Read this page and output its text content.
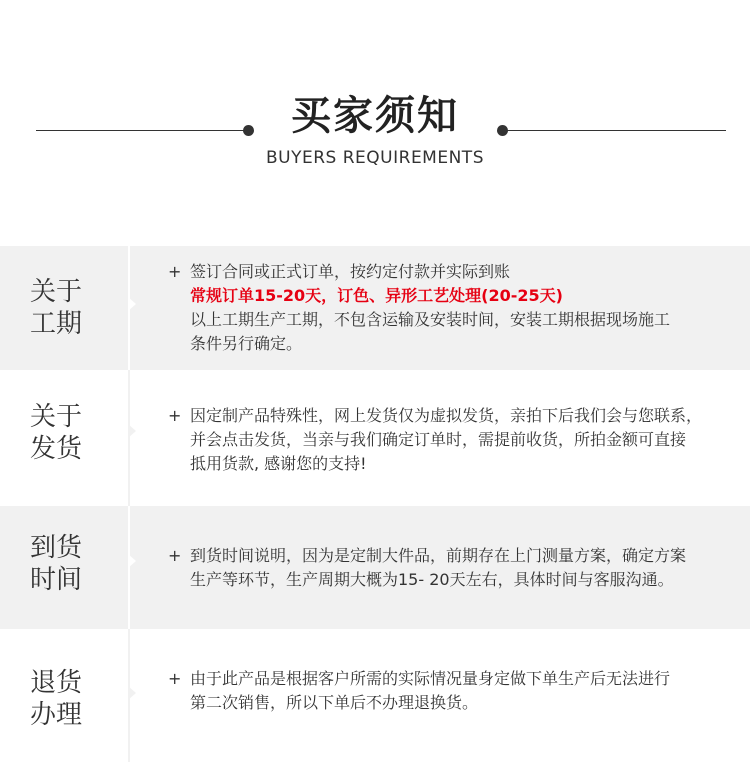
买家须知
BUYERS REQUIREMENTS
关于
工期
+ 签订合同或正式订单，按约定付款并实际到账
常规订单15-20天，订色、异形工艺处理(20-25天)
以上工期生产工期，不包含运输及安装时间，安装工期根据现场施工
条件另行确定。
关于
发货
+ 因定制产品特殊性，网上发货仅为虚拟发货，亲拍下后我们会与您联系，
并会点击发货，当亲与我们确定订单时，需提前收货，所拍金额可直接
抵用货款, 感谢您的支持!
到货
时间
+ 到货时间说明，因为是定制大件品，前期存在上门测量方案，确定方案
生产等环节，生产周期大概为15- 20天左右，具体时间与客服沟通。
退货
办理
+ 由于此产品是根据客户所需的实际情况量身定做下单生产后无法进行
第二次销售，所以下单后不办理退换货。
